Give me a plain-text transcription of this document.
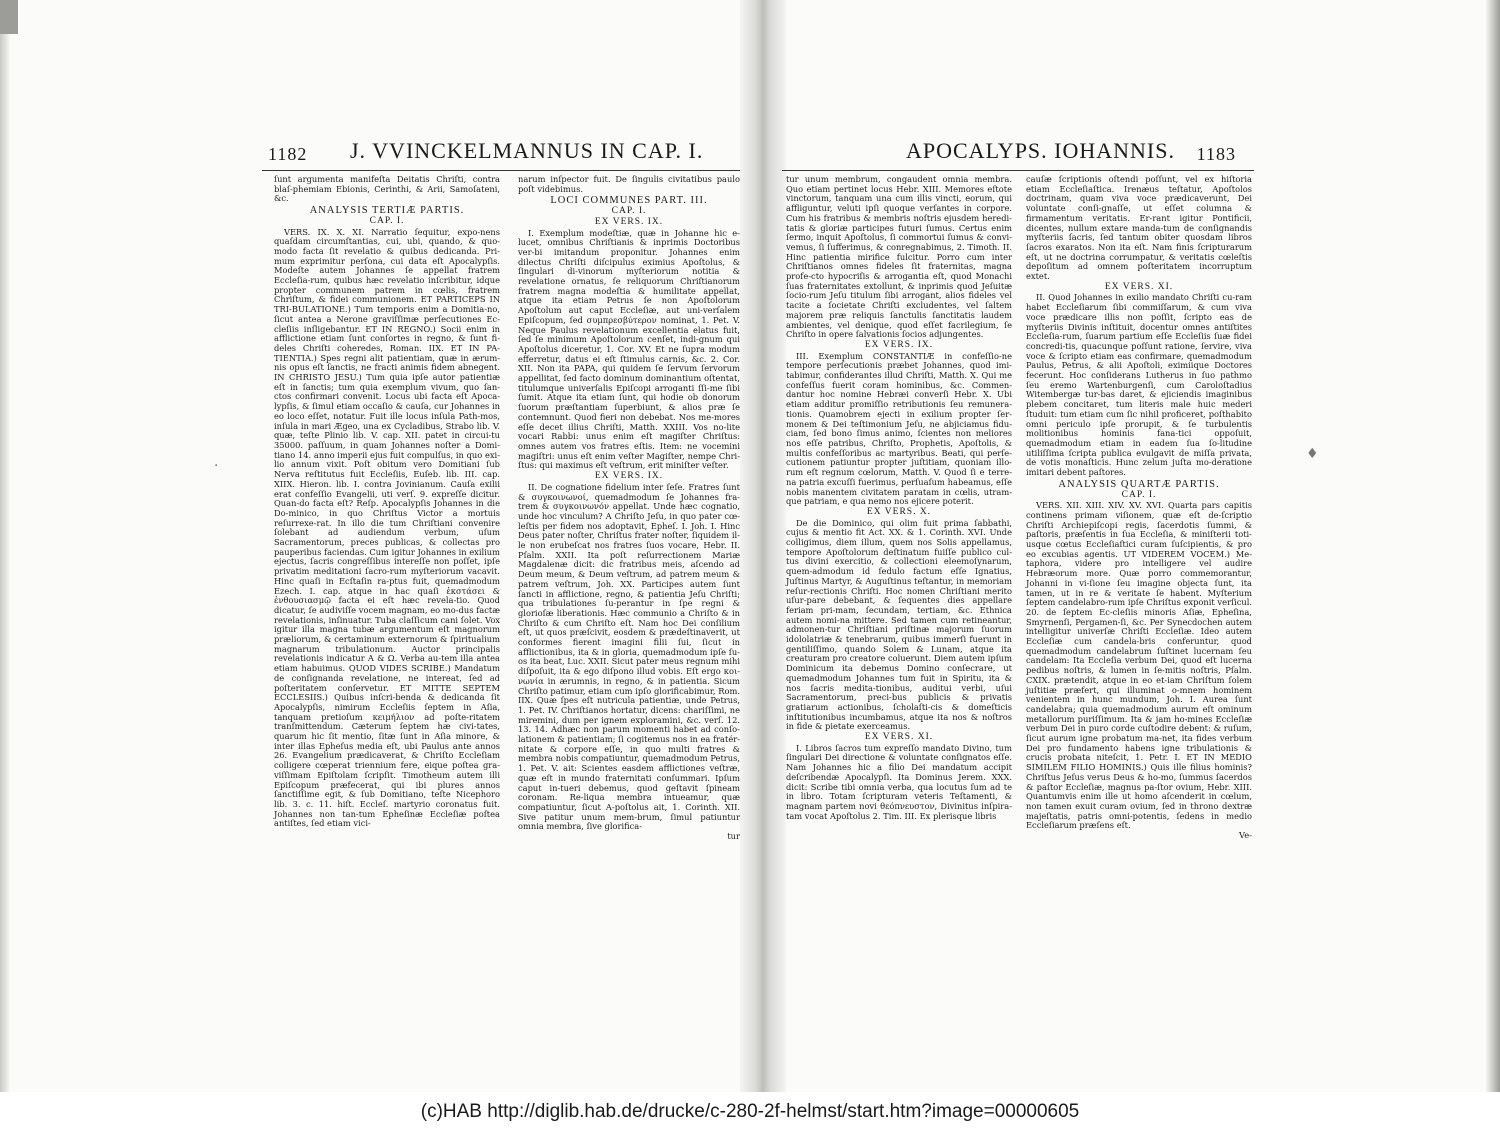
·
♦
1182 J. VVINCKELMANNUS IN CAP. I.

ſunt argumenta manifeſta Deitatis Chriſti, contra blaſ-phemiam Ebionis, Cerinthi, & Arii, Samoſateni, &c.

ANALYSIS TERTIÆ PARTIS.
CAP. I.

VERS. IX. X. XI. Narratio ſequitur, expo-nens quaſdam circumſtantias, cui, ubi, quando, & quo-modo facta ſit revelatio & quibus dedicanda. Pri-mum exprimitur perſona, cui data eſt Apocalypſis. Modeſte autem Johannes ſe appellat fratrem Eccleſia-rum, quibus hæc revelatio inſcribitur, idque propter communem patrem in cœlis, fratrem Chriſtum, & fidei communionem. ET PARTICEPS IN TRI-BULATIONE.) Tum temporis enim a Domitia-no, ſicut antea a Nerone graviſſimæ perſecutiones Ec-cleſiis inſligebantur. ET IN REGNO.) Socii enim in afflictione etiam ſunt conſortes in regno, & ſunt fi-deles Chriſti coheredes, Roman. IIX. ET IN PA-TIENTIA.) Spes regni alit patientiam, quæ in ærum-nis opus eſt ſanctis, ne fracti animis fidem abnegent. IN CHRISTO JESU.) Tum quia ipſe autor patientiæ eſt in ſanctis; tum quia exemplum vivum, quo ſan-ctos confirmari convenit. Locus ubi facta eſt Apoca-lypſis, & ſimul etiam occaſio & cauſa, cur Johannes in eo loco eſſet, notatur. Fuit ille locus inſula Path-mos, inſula in mari Ægeo, una ex Cycladibus, Strabo lib. V. quæ, teſte Plinio lib. V. cap. XII. patet in circui-tu 35000. paſſuum, in quam Johannes noſter a Domi-tiano 14. anno imperii ejus fuit compulſus, in quo exi-lio annum vixit. Poſt obitum vero Domitiani ſub Nerva reſtitutus fuit Eccleſiis, Euſeb. lib. III. cap. XIIX. Hieron. lib. I. contra Jovinianum. Cauſa exilii erat confeſſio Evangelii, uti verſ. 9. expreſſe dicitur. Quan-do facta eſt? Reſp. Apocalypſis Johannes in die Do-minico, in quo Chriſtus Victor a mortuis reſurrexe-rat. In illo die tum Chriſtiani convenire ſolebant ad audiendum verbum, uſum Sacramentorum, preces publicas, & collectas pro pauperibus faciendas. Cum igitur Johannes in exilium ejectus, ſacris congreſſibus intereſſe non poſſet, ipſe privatim meditationi ſacro-rum myſteriorum vacavit. Hinc quaſi in Ecſtaſin ra-ptus fuit, quemadmodum Ezech. I. cap. atque in hac quaſi ἐκστάσει & ἐνθουσιασμῷ facta ei eſt hæc revela-tio. Quod dicatur, ſe audiviſſe vocem magnam, eo mo-dus factæ revelationis, inſinuatur. Tuba claſſicum cani ſolet. Vox igitur illa magna tubæ argumentum eſt magnorum præliorum, & certaminum externorum & ſpiritualium magnarum tribulationum. Auctor principalis revelationis indicatur A & Ω. Verba au-tem illa antea etiam habuimus. QUOD VIDES SCRIBE.) Mandatum de conſignanda revelatione, ne intereat, ſed ad poſteritatem conſervetur. ET MITTE SEPTEM ECCLESIIS.) Quibus inſcri-benda & dedicanda ſit Apocalypſis, nimirum Eccleſiis ſeptem in Aſia, tanquam pretioſum κειμήλιον ad poſte-ritatem tranſmittendum. Cæterum ſeptem hæ civi-tates, quarum hic ſit mentio, ſitæ ſunt in Aſia minore, & inter illas Epheſus media eſt, ubi Paulus ante annos 26. Evangelium prædicaverat, & Chriſto Eccleſiam colligere cœperat triennium fere, eique poſtea gra-viſſimam Epiſtolam ſcripſit. Timotheum autem illi Epiſcopum præfecerat, qui ibi plures annos ſanctiſſime egit, & ſub Domitiano, teſte Nicephoro lib. 3. c. 11. hiſt. Eccleſ. martyrio coronatus fuit. Johannes non tan-tum Epheſinæ Eccleſiæ poſtea antiſtes, ſed etiam vici-

narum inſpector fuit. De ſingulis civitatibus paulo poſt videbimus.

LOCI COMMUNES PART. III.
CAP. I.
EX VERS. IX.

I. Exemplum modeſtiæ, quæ in Johanne hic e-lucet, omnibus Chriſtianis & inprimis Doctoribus ver-bi imitandum proponitur. Johannes enim dilectus Chriſti diſcipulus eximius Apoſtolus, & ſingulari di-vinorum myſteriorum notitia & revelatione ornatus, ſe reliquorum Chriſtianorum fratrem magna modeſtia & humilitate appellat, atque ita etiam Petrus ſe non Apoſtolorum Apoſtolum aut caput Eccleſiæ, aut uni-verſalem Epiſcopum, ſed συμπρεσβύτερον nominat, 1. Pet. V. Neque Paulus revelationum excellentia elatus fuit, ſed ſe minimum Apoſtolorum cenſet, indi-gnum qui Apoſtolus diceretur, 1. Cor. XV. Et ne ſupra modum efferretur, datus ei eſt ſtimulus carnis, &c. 2. Cor. XII. Non ita PAPA, qui quidem ſe ſervum ſervorum appellitat, ſed facto dominum dominantium oſtentat, titulumque univerſalis Epiſcopi arroganti ſſi-me ſibi ſumit. Atque ita etiam ſunt, qui hodie ob donorum ſuorum præſtantiam ſuperbiunt, & alios præ ſe contemnunt. Quod fieri non debebat. Nos me-mores eſſe decet illius Chriſti, Matth. XXIII. Vos no-lite vocari Rabbi: unus enim eſt magiſter Chriſtus: omnes autem vos fratres eſtis. Item: ne vocemini magiſtri: unus eſt enim veſter Magiſter, nempe Chri-ſtus: qui maximus eſt veſtrum, erit miniſter veſter.

EX VERS. IX.

II. De cognatione fidelium inter ſeſe. Fratres ſunt & συγκοινωνοί, quemadmodum ſe Johannes fra-trem & συγκοινωνόν appellat. Unde hæc cognatio, unde hoc vinculum? A Chriſto Jeſu, in quo pater cœ-leſtis per fidem nos adoptavit, Epheſ. I. Joh. I. Hinc Deus pater noſter, Chriſtus frater noſter, ſiquidem il-le non erubeſcat nos fratres ſuos vocare, Hebr. II. Pſalm. XXII. Ita poſt reſurrectionem Mariæ Magdalenæ dicit: dic fratribus meis, aſcendo ad Deum meum, & Deum veſtrum, ad patrem meum & patrem veſtrum, Joh. XX. Participes autem ſunt ſancti in afflictione, regno, & patientia Jeſu Chriſti; qua tribulationes ſu-perantur in ſpe regni & glorioſæ liberationis. Hæc communio a Chriſto & in Chriſto & cum Chriſto eſt. Nam hoc Dei conſilium eſt, ut quos præſcivit, eosdem & prædeſtinaverit, ut conformes fierent imagini filii ſui, ſicut in afflictionibus, ita & in gloria, quemadmodum ipſe ſu-os ita beat, Luc. XXII. Sicut pater meus regnum mihi diſpoſuit, ita & ego diſpono illud vobis. Eſt ergo κοι-νωνία in ærumnis, in regno, & in patientia. Sicum Chriſto patimur, etiam cum ipſo glorificabimur, Rom. IIX. Quæ ſpes eſt nutricula patientiæ, unde Petrus, 1. Pet. IV. Chriſtianos hortatur, dicens: chariſſimi, ne miremini, dum per ignem exploramini, &c. verſ. 12. 13. 14. Adhæc non parum momenti habet ad conſo-lationem & patientiam; ſi cogitemus nos in ea fratér-nitate & corpore eſſe, in quo multi fratres & membra nobis compatiuntur, quemadmodum Petrus, 1. Pet. V. ait: Scientes easdem afflictiones veſtræ, quæ eſt in mundo fraternitati conſummari. Ipſum caput in-tueri debemus, quod geſtavit ſpineam coronam. Re-liqua membra intueamur, quæ compatiuntur, ſicut A-poſtolus ait, 1. Corinth. XII. Sive patitur unum mem-brum, ſimul patiuntur omnia membra, ſive glorifica-

tur
APOCALYPS. IOHANNIS. 1183

tur unum membrum, congaudent omnia membra. Quo etiam pertinet locus Hebr. XIII. Memores eſtote vinctorum, tanquam una cum illis vincti, eorum, qui affliguntur, veluti ipſi quoque verſantes in corpore. Cum his fratribus & membris noſtris ejusdem heredi-tatis & gloriæ participes futuri ſumus. Certus enim ſermo, inquit Apoſtolus, ſi commortui ſumus & convi-vemus, ſi ſufferimus, & conregnabimus, 2. Timoth. II. Hinc patientia mirifice fulcitur. Porro cum inter Chriſtianos omnes fideles ſit fraternitas, magna profe-cto hypocriſis & arrogantia eſt, quod Monachi ſuas fraternitates extollunt, & inprimis quod Jeſuitæ ſocio-rum Jeſu titulum ſibi arrogant, alios fideles vel tacite a ſocietate Chriſti excludentes, vel ſaltem majorem præ reliquis ſanctulis ſanctitatis laudem ambientes, vel denique, quod eſſet facrilegium, ſe Chriſto in opere ſalvationis ſocios adjungentes.

EX VERS. IX.

III. Exemplum CONSTANTIÆ in confeſſio-ne tempore perſecutionis præbet Johannes, quod imi-tabimur, confiderantes illud Chriſti, Matth. X. Qui me confeſſus fuerit coram hominibus, &c. Commen-dantur hoc nomine Hebræi converſi Hebr. X. Ubi etiam additur promiſſio retributionis ſeu remunera-tionis. Quamobrem ejecti in exilium propter ſer-monem & Dei teſtimonium Jeſu, ne abjiciamus fidu-ciam, ſed bono ſimus animo, ſcientes non meliores nos eſſe patribus, Chriſto, Prophetis, Apoſtolis, & multis confeſſoribus ac martyribus. Beati, qui perſe-cutionem patiuntur propter juſtitiam, quoniam illo-rum eſt regnum cœlorum, Matth. V. Quod ſi e terre-na patria excuſſi fuerimus, perſuaſum habeamus, eſſe nobis manentem civitatem paratam in cœlis, utram-que patriam, e qua nemo nos ejicere poterit.

EX VERS. X.

De die Dominico, qui olim fuit prima ſabbathi, cujus & mentio fit Act. XX. & 1. Corinth. XVI. Unde colligimus, diem illum, quem nos Solis appellamus, tempore Apoſtolorum deſtinatum fuiſſe publico cul-tus divini exercitio, & collectioni eleemoſynarum, quem-admodum id ſedulo factum eſſe Ignatius, Juſtinus Martyr, & Auguſtinus teſtantur, in memoriam reſur-rectionis Chriſti. Hoc nomen Chriſtiani merito uſur-pare debebant, & ſequentes dies appellare feriam pri-mam, ſecundam, tertiam, &c. Ethnica autem nomi-na mittere. Sed tamen cum retineantur, admonen-tur Chriſtiani priſtinæ majorum ſuorum idololatriæ & tenebrarum, quibus immerſi fuerunt in gentiliſſimo, quando Solem & Lunam, atque ita creaturam pro creatore coluerunt. Diem autem ipſum Dominicum ita debemus Domino conſecrare, ut quemadmodum Johannes tum fuit in Spiritu, ita & nos ſacris medita-tionibus, auditui verbi, uſui Sacramentorum, preci-bus publicis & privatis gratiarum actionibus, ſcholaſti-cis & domeſticis inſtitutionibus incumbamus, atque ita nos & noſtros in fide & pietate exerceamus.

EX VERS. XI.

I. Libros ſacros tum expreſſo mandato Divino, tum ſingulari Dei directione & voluntate conſignatos eſſe. Nam Johannes hic a filio Dei mandatum accipit deſcribendæ Apocalypſi. Ita Dominus Jerem. XXX. dicit: Scribe tibi omnia verba, qua locutus ſum ad te in libro. Totam ſcripturam veteris Teſtamenti, & magnam partem novi θεόπνευστον, Divinitus inſpira-tam vocat Apoſtolus 2. Tim. III. Ex plerisque libris

cauſæ ſcriptionis oſtendi poſſunt, vel ex hiſtoria etiam Eccleſiaſtica. Irenæus teſtatur, Apoſtolos doctrinam, quam viva voce prædicaverunt, Dei voluntate conſi-gnaſſe, ut eſſet columna & firmamentum veritatis. Er-rant igitur Pontificii, dicentes, nullum extare manda-tum de conſignandis myſteriis ſacris, ſed tantum obiter quosdam libros ſacros exaratos. Non ita eſt. Nam finis ſcripturarum eſt, ut ne doctrina corrumpatur, & veritatis cœleſtis depoſitum ad omnem poſteritatem incorruptum extet.

EX VERS. XI.

II. Quod Johannes in exilio mandato Chriſti cu-ram habet Eccleſiarum ſibi commiſſarum, & cum viva voce prædicare illis non poſſit, ſcripto eas de myſteriis Divinis inſtituit, docentur omnes antiſtites Eccleſia-rum, ſuarum partium eſſe Eccleſiis ſuæ fidei concredi-tis, quacunque poſſunt ratione, ſervire, viva voce & ſcripto etiam eas confirmare, quemadmodum Paulus, Petrus, & alii Apoſtoli, eximiique Doctores fecerunt. Hoc conſiderans Lutherus in ſuo pathmo ſeu eremo Wartenburgenſi, cum Caroloſtadius Witembergæ tur-bas daret, & ejiciendis imaginibus plebem concitaret, tum literis male huic mederi ſtuduit: tum etiam cum ſic nihil proficeret, poſthabito omni periculo ipſe prorupit, & ſe turbulentis molitionibus hominis fana-tici oppoſuit, quemadmodum etiam in eadem ſua ſo-litudine utiliſſima ſcripta publica evulgavit de miſſa privata, de votis monaſticis. Hunc zelum juſta mo-deratione imitari debent paſtores.

ANALYSIS QUARTÆ PARTIS.
CAP. I.

VERS. XII. XIII. XIV. XV. XVI. Quarta pars capitis continens primam viſionem, quæ eſt de-ſcriptio Chriſti Archiepiſcopi regis, ſacerdotis ſummi, & paſtoris, præſentis in ſua Eccleſia, & miniſterii toti-usque cœtus Eccleſiaſtici curam ſuſcipientis, & pro eo excubias agentis. UT VIDEREM VOCEM.) Me-taphora, videre pro intelligere vel audire Hebræorum more. Quæ porro commemorantur, Johanni in vi-ſione ſeu imagine objecta ſunt, ita tamen, ut in re & veritate ſe habent. Myſterium ſeptem candelabro-rum ipſe Chriſtus exponit verſicul. 20. de ſeptem Ec-cleſiis minoris Aſiæ, Epheſina, Smyrnenſi, Pergamen-ſi, &c. Per Synecdochen autem intelligitur univerſæ Chriſti Eccleſiæ. Ideo autem Eccleſiæ cum candela-bris conferuntur, quod quemadmodum candelabrum ſuſtinet lucernam ſeu candelam: Ita Eccleſia verbum Dei, quod eſt lucerna pedibus noſtris, & lumen in ſe-mitis noſtris, Pſalm. CXIX. prætendit, atque in eo et-iam Chriſtum ſolem juſtitiæ præfert, qui illuminat o-mnem hominem venientem in hunc mundum, Joh. I. Aurea ſunt candelabra; quia quemadmodum aurum eſt ominum metallorum puriſſimum. Ita & jam ho-mines Eccleſiæ verbum Dei in puro corde cuſtodire debent: & ruſum, ſicut aurum igne probatum ma-net, ita fides verbum Dei pro fundamento habens igne tribulationis & crucis probata niteſcit, 1. Petr. I. ET IN MEDIO SIMILEM FILIO HOMINIS.) Quis ille filius hominis? Chriſtus Jeſus verus Deus & ho-mo, ſummus ſacerdos & paſtor Eccleſiæ, magnus pa-ſtor ovium, Hebr. XIII. Quantumvis enim ille ut homo aſcenderit in cœlum, non tamen exuit curam ovium, ſed in throno dextræ majeſtatis, patris omni-potentis, ſedens in medio Eccleſiarum præſens eſt.

Ve-
(c)HAB http://diglib.hab.de/drucke/c-280-2f-helmst/start.htm?image=00000605
